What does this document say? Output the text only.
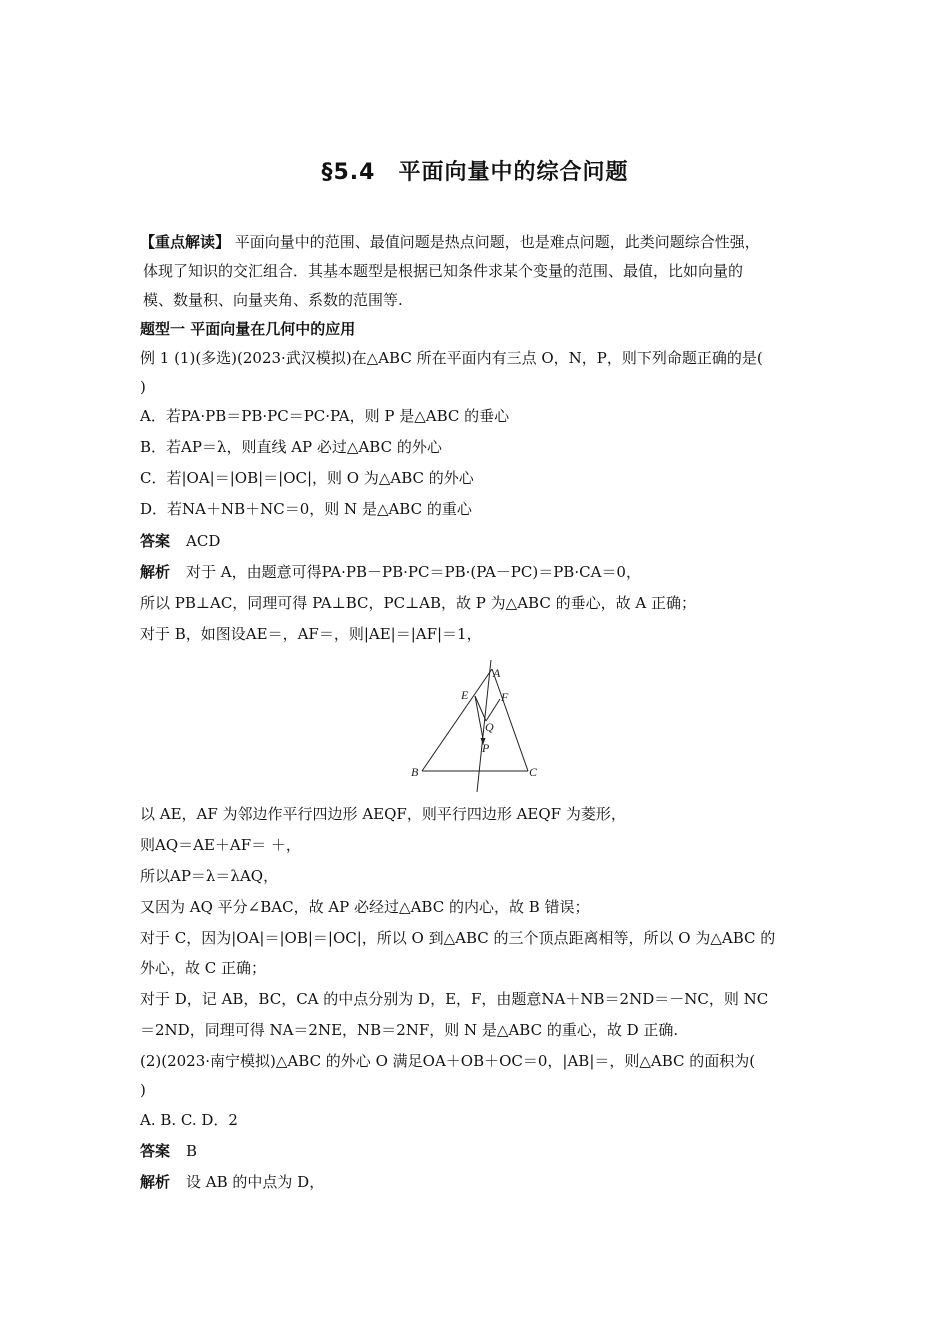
§5.4　平面向量中的综合问题
【重点解读】 平面向量中的范围、最值问题是热点问题，也是难点问题，此类问题综合性强，
体现了知识的交汇组合．其基本题型是根据已知条件求某个变量的范围、最值，比如向量的
模、数量积、向量夹角、系数的范围等.
题型一 平面向量在几何中的应用
例 1 (1)(多选)(2023·武汉模拟)在△ABC 所在平面内有三点 O，N，P，则下列命题正确的是(
)
A．若PA·PB＝PB·PC＝PC·PA，则 P 是△ABC 的垂心
B．若AP＝λ，则直线 AP 必过△ABC 的外心
C．若|OA|＝|OB|＝|OC|，则 O 为△ABC 的外心
D．若NA＋NB＋NC＝0，则 N 是△ABC 的重心
答案 ACD
解析 对于 A，由题意可得PA·PB－PB·PC＝PB·(PA－PC)＝PB·CA＝0，
所以 PB⊥AC，同理可得 PA⊥BC，PC⊥AB，故 P 为△ABC 的垂心，故 A 正确；
对于 B，如图设AE＝，AF＝，则|AE|＝|AF|＝1，
A
E	F
Q
P
B	C
以 AE，AF 为邻边作平行四边形 AEQF，则平行四边形 AEQF 为菱形，
则AQ＝AE＋AF＝ ＋，
所以AP＝λ＝λAQ，
又因为 AQ 平分∠BAC，故 AP 必经过△ABC 的内心，故 B 错误；
对于 C，因为|OA|＝|OB|＝|OC|，所以 O 到△ABC 的三个顶点距离相等，所以 O 为△ABC 的
外心，故 C 正确；
对于 D，记 AB，BC，CA 的中点分别为 D，E，F，由题意NA＋NB＝2ND＝－NC，则 NC
＝2ND，同理可得 NA＝2NE，NB＝2NF，则 N 是△ABC 的重心，故 D 正确.
(2)(2023·南宁模拟)△ABC 的外心 O 满足OA＋OB＋OC＝0，|AB|＝，则△ABC 的面积为(
)
A. B. C. D．2
答案 B
解析 设 AB 的中点为 D，
